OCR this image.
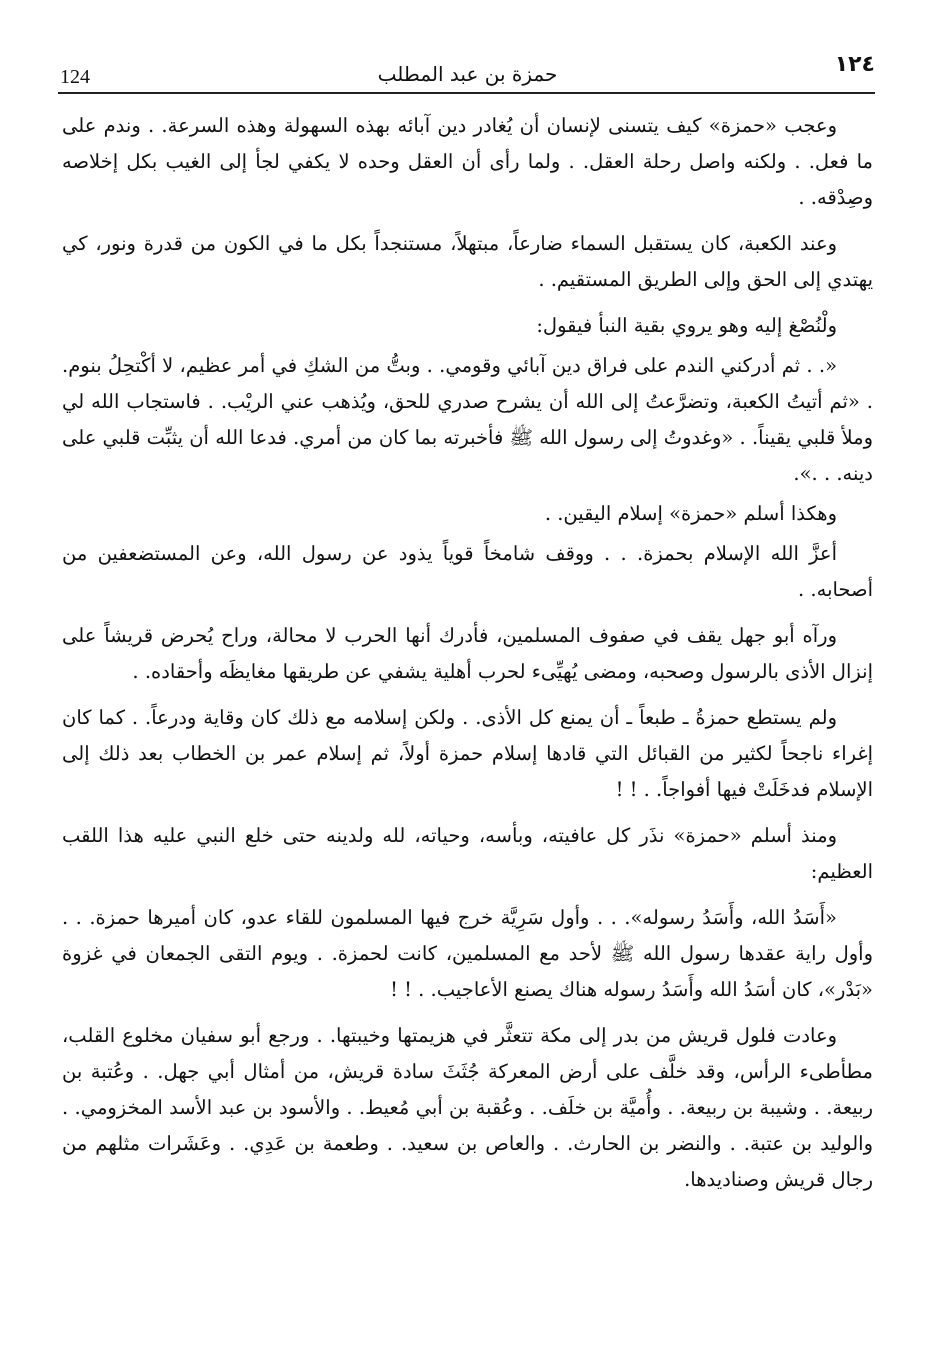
124	حمزة بن عبد المطلب	١٢٤

وعجب «حمزة» كيف يتسنى لإنسان أن يُغادر دين آبائه بهذه السهولة وهذه السرعة. . وندم على ما فعل. . ولكنه واصل رحلة العقل. . ولما رأى أن العقل وحده لا يكفي لجأ إلى الغيب بكل إخلاصه وصِدْقه. .

وعند الكعبة، كان يستقبل السماء ضارعاً، مبتهلاً، مستنجداً بكل ما في الكون من قدرة ونور، كي يهتدي إلى الحق وإلى الطريق المستقيم. .

ولْنُصْغ إليه وهو يروي بقية النبأ فيقول:

«. . ثم أدركني الندم على فراق دين آبائي وقومي. . وبتُّ من الشكِ في أمر عظيم، لا أكْتحِلُ بنوم. . «ثم أتيتُ الكعبة، وتضرَّعتُ إلى الله أن يشرح صدري للحق، ويُذهب عني الريْب. . فاستجاب الله لي وملأ قلبي يقيناً. . «وغدوتُ إلى رسول الله ﷺ فأخبرته بما كان من أمري. فدعا الله أن يثبِّت قلبي على دينه. . .».

وهكذا أسلم «حمزة» إسلام اليقين. .

أعزَّ الله الإسلام بحمزة. . . ووقف شامخاً قوياً يذود عن رسول الله، وعن المستضعفين من أصحابه. .

ورآه أبو جهل يقف في صفوف المسلمين، فأدرك أنها الحرب لا محالة، وراح يُحرض قريشاً على إنزال الأذى بالرسول وصحبه، ومضى يُهيِّىء لحرب أهلية يشفي عن طريقها مغايظَه وأحقاده. .

ولم يستطع حمزةُ ـ طبعاً ـ أن يمنع كل الأذى. . ولكن إسلامه مع ذلك كان وقاية ودرعاً. . كما كان إغراء ناجحاً لكثير من القبائل التي قادها إسلام حمزة أولاً، ثم إسلام عمر بن الخطاب بعد ذلك إلى الإسلام فدخَلَتْ فيها أفواجاً. . ! !

ومنذ أسلم «حمزة» نذَر كل عافيته، وبأسه، وحياته، لله ولدينه حتى خلع النبي عليه هذا اللقب العظيم:

«أَسَدُ الله، وأَسَدُ رسوله». . . وأول سَرِيَّة خرج فيها المسلمون للقاء عدو، كان أميرها حمزة. . . وأول راية عقدها رسول الله ﷺ لأحد مع المسلمين، كانت لحمزة. . ويوم التقى الجمعان في غزوة «بَدْر»، كان أسَدُ الله وأَسَدُ رسوله هناك يصنع الأعاجيب. . ! !

وعادت فلول قريش من بدر إلى مكة تتعثَّر في هزيمتها وخيبتها. . ورجع أبو سفيان مخلوع القلب، مطأطىء الرأس، وقد خلَّف على أرض المعركة جُثَثَ سادة قريش، من أمثال أبي جهل. . وعُتبة بن ربيعة. . وشيبة بن ربيعة. . وأُميَّة بن خلَف. . وعُقبة بن أبي مُعيط. . والأسود بن عبد الأسد المخزومي. . والوليد بن عتبة. . والنضر بن الحارث. . والعاص بن سعيد. . وطعمة بن عَدِي. . وعَشَرات مثلهم من رجال قريش وصناديدها.
